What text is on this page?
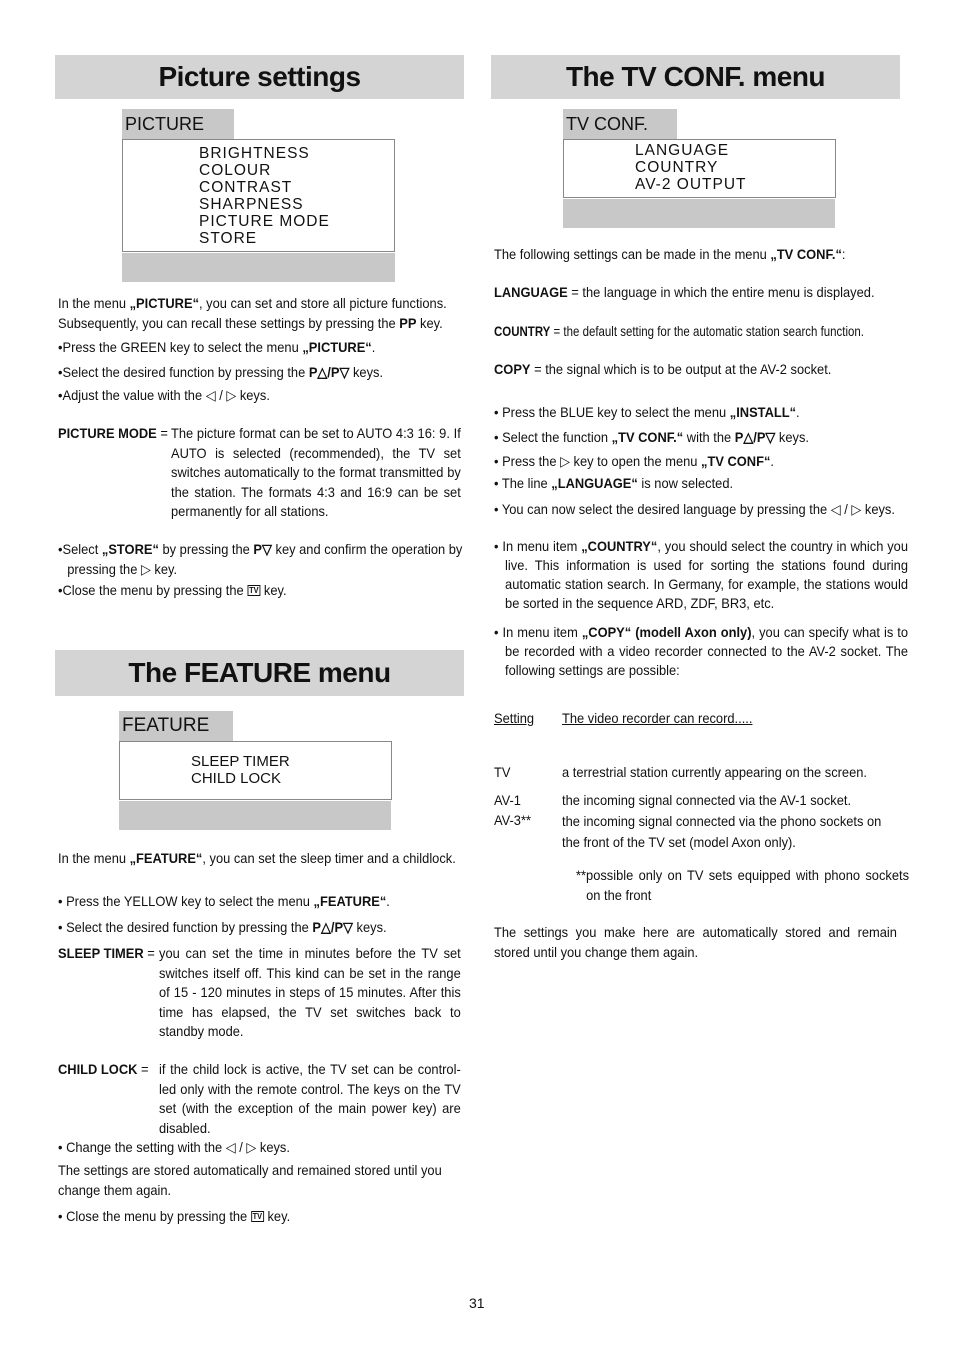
Picture settings
PICTURE
BRIGHTNESS
COLOUR
CONTRAST
SHARPNESS
PICTURE MODE
STORE
In the menu „PICTURE“, you can set and store all picture functions. Subsequently, you can recall these settings by pressing the PP key.
•Press the GREEN key to select the menu „PICTURE“.
•Select the desired function by pressing the P△/P▽ keys.
•Adjust the value with the ◁ / ▷ keys.
PICTURE MODE = The picture format can be set to AUTO 4:3 16: 9. If AUTO is selected (recommended), the TV set switches automatically to the format transmitted by the station. The formats 4:3 and 16:9 can be set permanently for all stations.
•Select „STORE“ by pressing the P▽ key and confirm the operation by pressing the ▷ key.
•Close the menu by pressing the TV key.
The FEATURE menu
FEATURE
SLEEP TIMER
CHILD LOCK
In the menu „FEATURE“, you can set the sleep timer and a childlock.
• Press the YELLOW key to select the menu „FEATURE“.
• Select the desired function by pressing the P△/P▽ keys.
SLEEP TIMER = you can set the time in minutes before the TV set switches itself off. This kind can be set in the range of 15 - 120 minutes in steps of 15 minutes. After this time has elapsed, the TV set switches back to standby mode.
CHILD LOCK = if the child lock is active, the TV set can be control-led only with the remote control. The keys on the TV set (with the exception of the main power key) are disabled.
• Change the setting with the ◁ / ▷ keys.
The settings are stored automatically and remained stored until you change them again.
• Close the menu by pressing the TV key.
The TV CONF. menu
TV CONF.
LANGUAGE
COUNTRY
AV-2 OUTPUT
The following settings can be made in the menu „TV CONF.“:
LANGUAGE = the language in which the entire menu is displayed.
COUNTRY = the default setting for the automatic station search function.
COPY = the signal which is to be output at the AV-2 socket.
• Press the BLUE key to select the menu „INSTALL“.
• Select the function „TV CONF.“ with the P△/P▽ keys.
• Press the ▷ key to open the menu „TV CONF“.
• The line „LANGUAGE“ is now selected.
• You can now select the desired language by pressing the ◁ / ▷ keys.
• In menu item „COUNTRY“, you should select the country in which you live. This information is used for sorting the stations found during automatic station search. In Germany, for example, the stations would be sorted in the sequence ARD, ZDF, BR3, etc.
• In menu item „COPY“ (modell Axon only), you can specify what is to be recorded with a video recorder connected to the AV-2 socket. The following settings are possible:
Setting The video recorder can record.....
TV	a terrestrial station currently appearing on the screen.
AV-1	the incoming signal connected via the AV-1 socket.
AV-3** the incoming signal connected via the phono sockets on the front of the TV set (model Axon only).
**possible only on TV sets equipped with phono sockets on the front
The settings you make here are automatically stored and remain stored until you change them again.
31
